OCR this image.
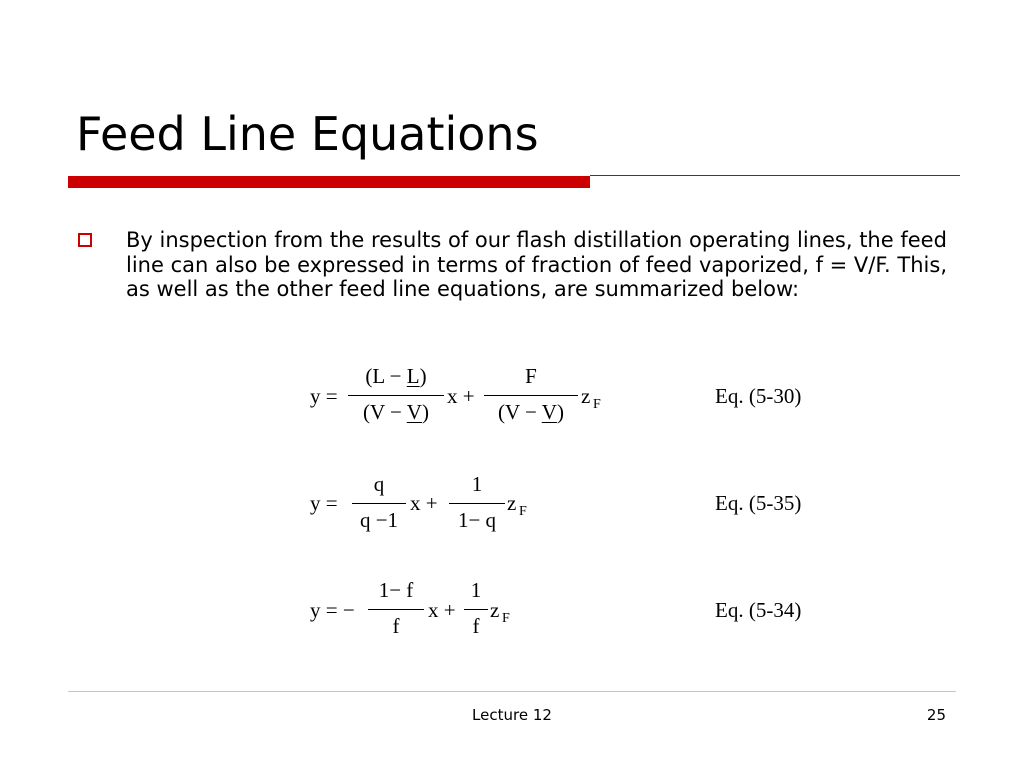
Feed Line Equations
By inspection from the results of our flash distillation operating lines, the feed line can also be expressed in terms of fraction of feed vaporized, f = V/F. This, as well as the other feed line equations, are summarized below:
y =
(L − L)
(V − V)
x +
F
(V − V)
z F	Eq. (5-30)
y =
q
q −1
x +
1
1− q
z F	Eq. (5-35)
y = −
1− f
f
x +
1
f
z F	Eq. (5-34)
Lecture 12	25
